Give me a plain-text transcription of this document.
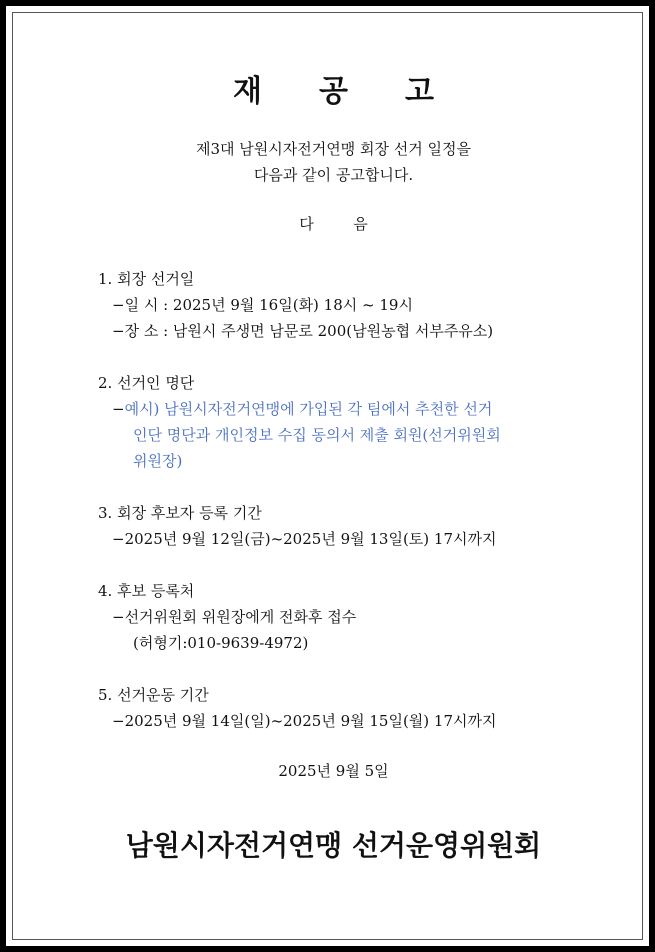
재 공 고
제3대 남원시자전거연맹 회장 선거 일정을
다음과 같이 공고합니다.
다	음
1. 회장 선거일
−일 시 : 2025년 9월 16일(화) 18시 ~ 19시
−장 소 : 남원시 주생면 남문로 200(남원농협 서부주유소)
2. 선거인 명단
−예시) 남원시자전거연맹에 가입된 각 팀에서 추천한 선거
인단 명단과 개인정보 수집 동의서 제출 회원(선거위원회
위원장)
3. 회장 후보자 등록 기간
−2025년 9월 12일(금)~2025년 9월 13일(토) 17시까지
4. 후보 등록처
−선거위원회 위원장에게 전화후 접수
(허형기:010-9639-4972)
5. 선거운동 기간
−2025년 9월 14일(일)~2025년 9월 15일(월) 17시까지
2025년 9월 5일
남원시자전거연맹 선거운영위원회
